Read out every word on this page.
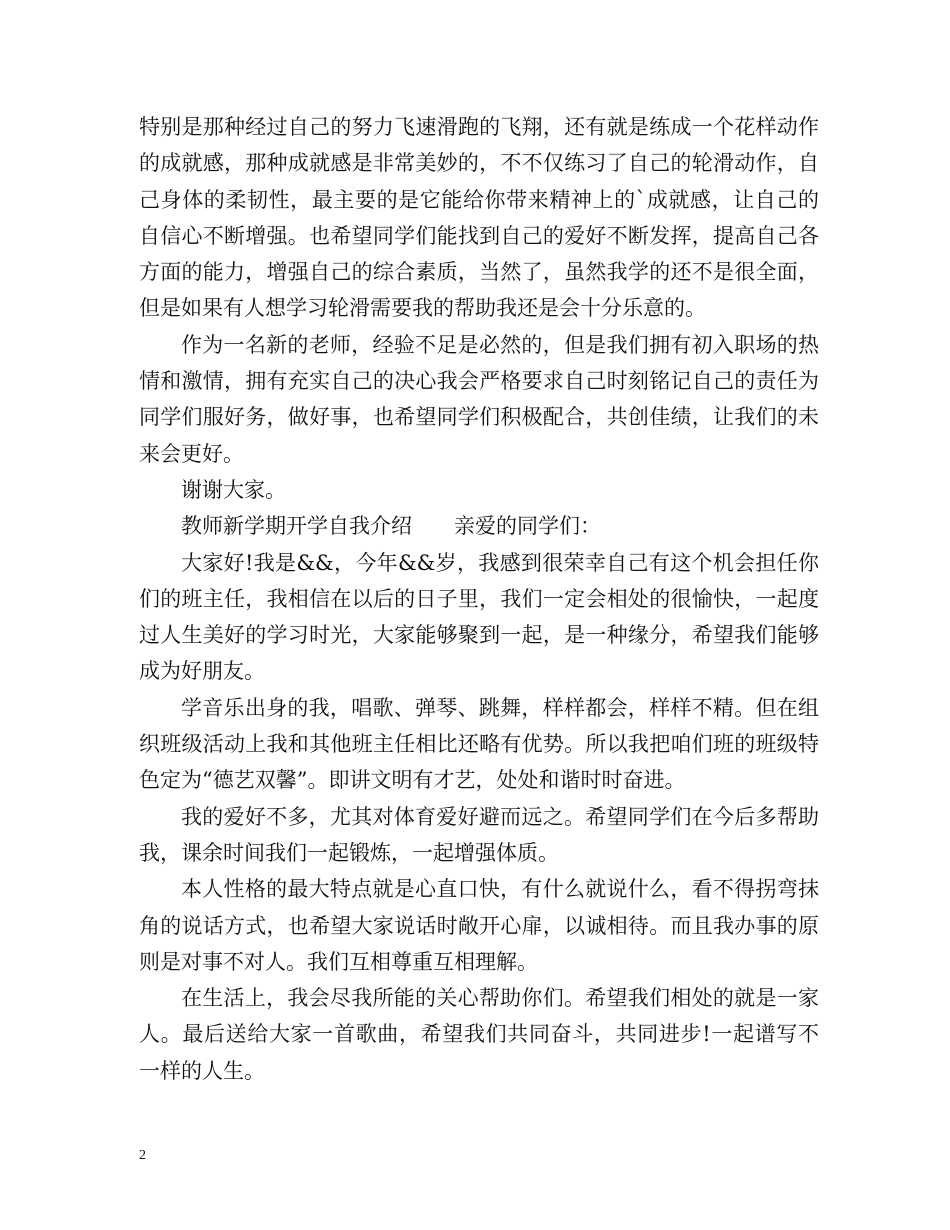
特别是那种经过自己的努力飞速滑跑的飞翔，还有就是练成一个花样动作的成就感，那种成就感是非常美妙的，不不仅练习了自己的轮滑动作，自己身体的柔韧性，最主要的是它能给你带来精神上的`成就感，让自己的自信心不断增强。也希望同学们能找到自己的爱好不断发挥，提高自己各方面的能力，增强自己的综合素质，当然了，虽然我学的还不是很全面，但是如果有人想学习轮滑需要我的帮助我还是会十分乐意的。

作为一名新的老师，经验不足是必然的，但是我们拥有初入职场的热情和激情，拥有充实自己的决心我会严格要求自己时刻铭记自己的责任为同学们服好务，做好事，也希望同学们积极配合，共创佳绩，让我们的未来会更好。

谢谢大家。

教师新学期开学自我介绍　　亲爱的同学们：

大家好!我是&&，今年&&岁，我感到很荣幸自己有这个机会担任你们的班主任，我相信在以后的日子里，我们一定会相处的很愉快，一起度过人生美好的学习时光，大家能够聚到一起，是一种缘分，希望我们能够成为好朋友。

学音乐出身的我，唱歌、弹琴、跳舞，样样都会，样样不精。但在组织班级活动上我和其他班主任相比还略有优势。所以我把咱们班的班级特色定为“德艺双馨”。即讲文明有才艺，处处和谐时时奋进。

我的爱好不多，尤其对体育爱好避而远之。希望同学们在今后多帮助我，课余时间我们一起锻炼，一起增强体质。

本人性格的最大特点就是心直口快，有什么就说什么，看不得拐弯抹角的说话方式，也希望大家说话时敞开心扉，以诚相待。而且我办事的原则是对事不对人。我们互相尊重互相理解。

在生活上，我会尽我所能的关心帮助你们。希望我们相处的就是一家人。最后送给大家一首歌曲，希望我们共同奋斗，共同进步!一起谱写不一样的人生。

2
